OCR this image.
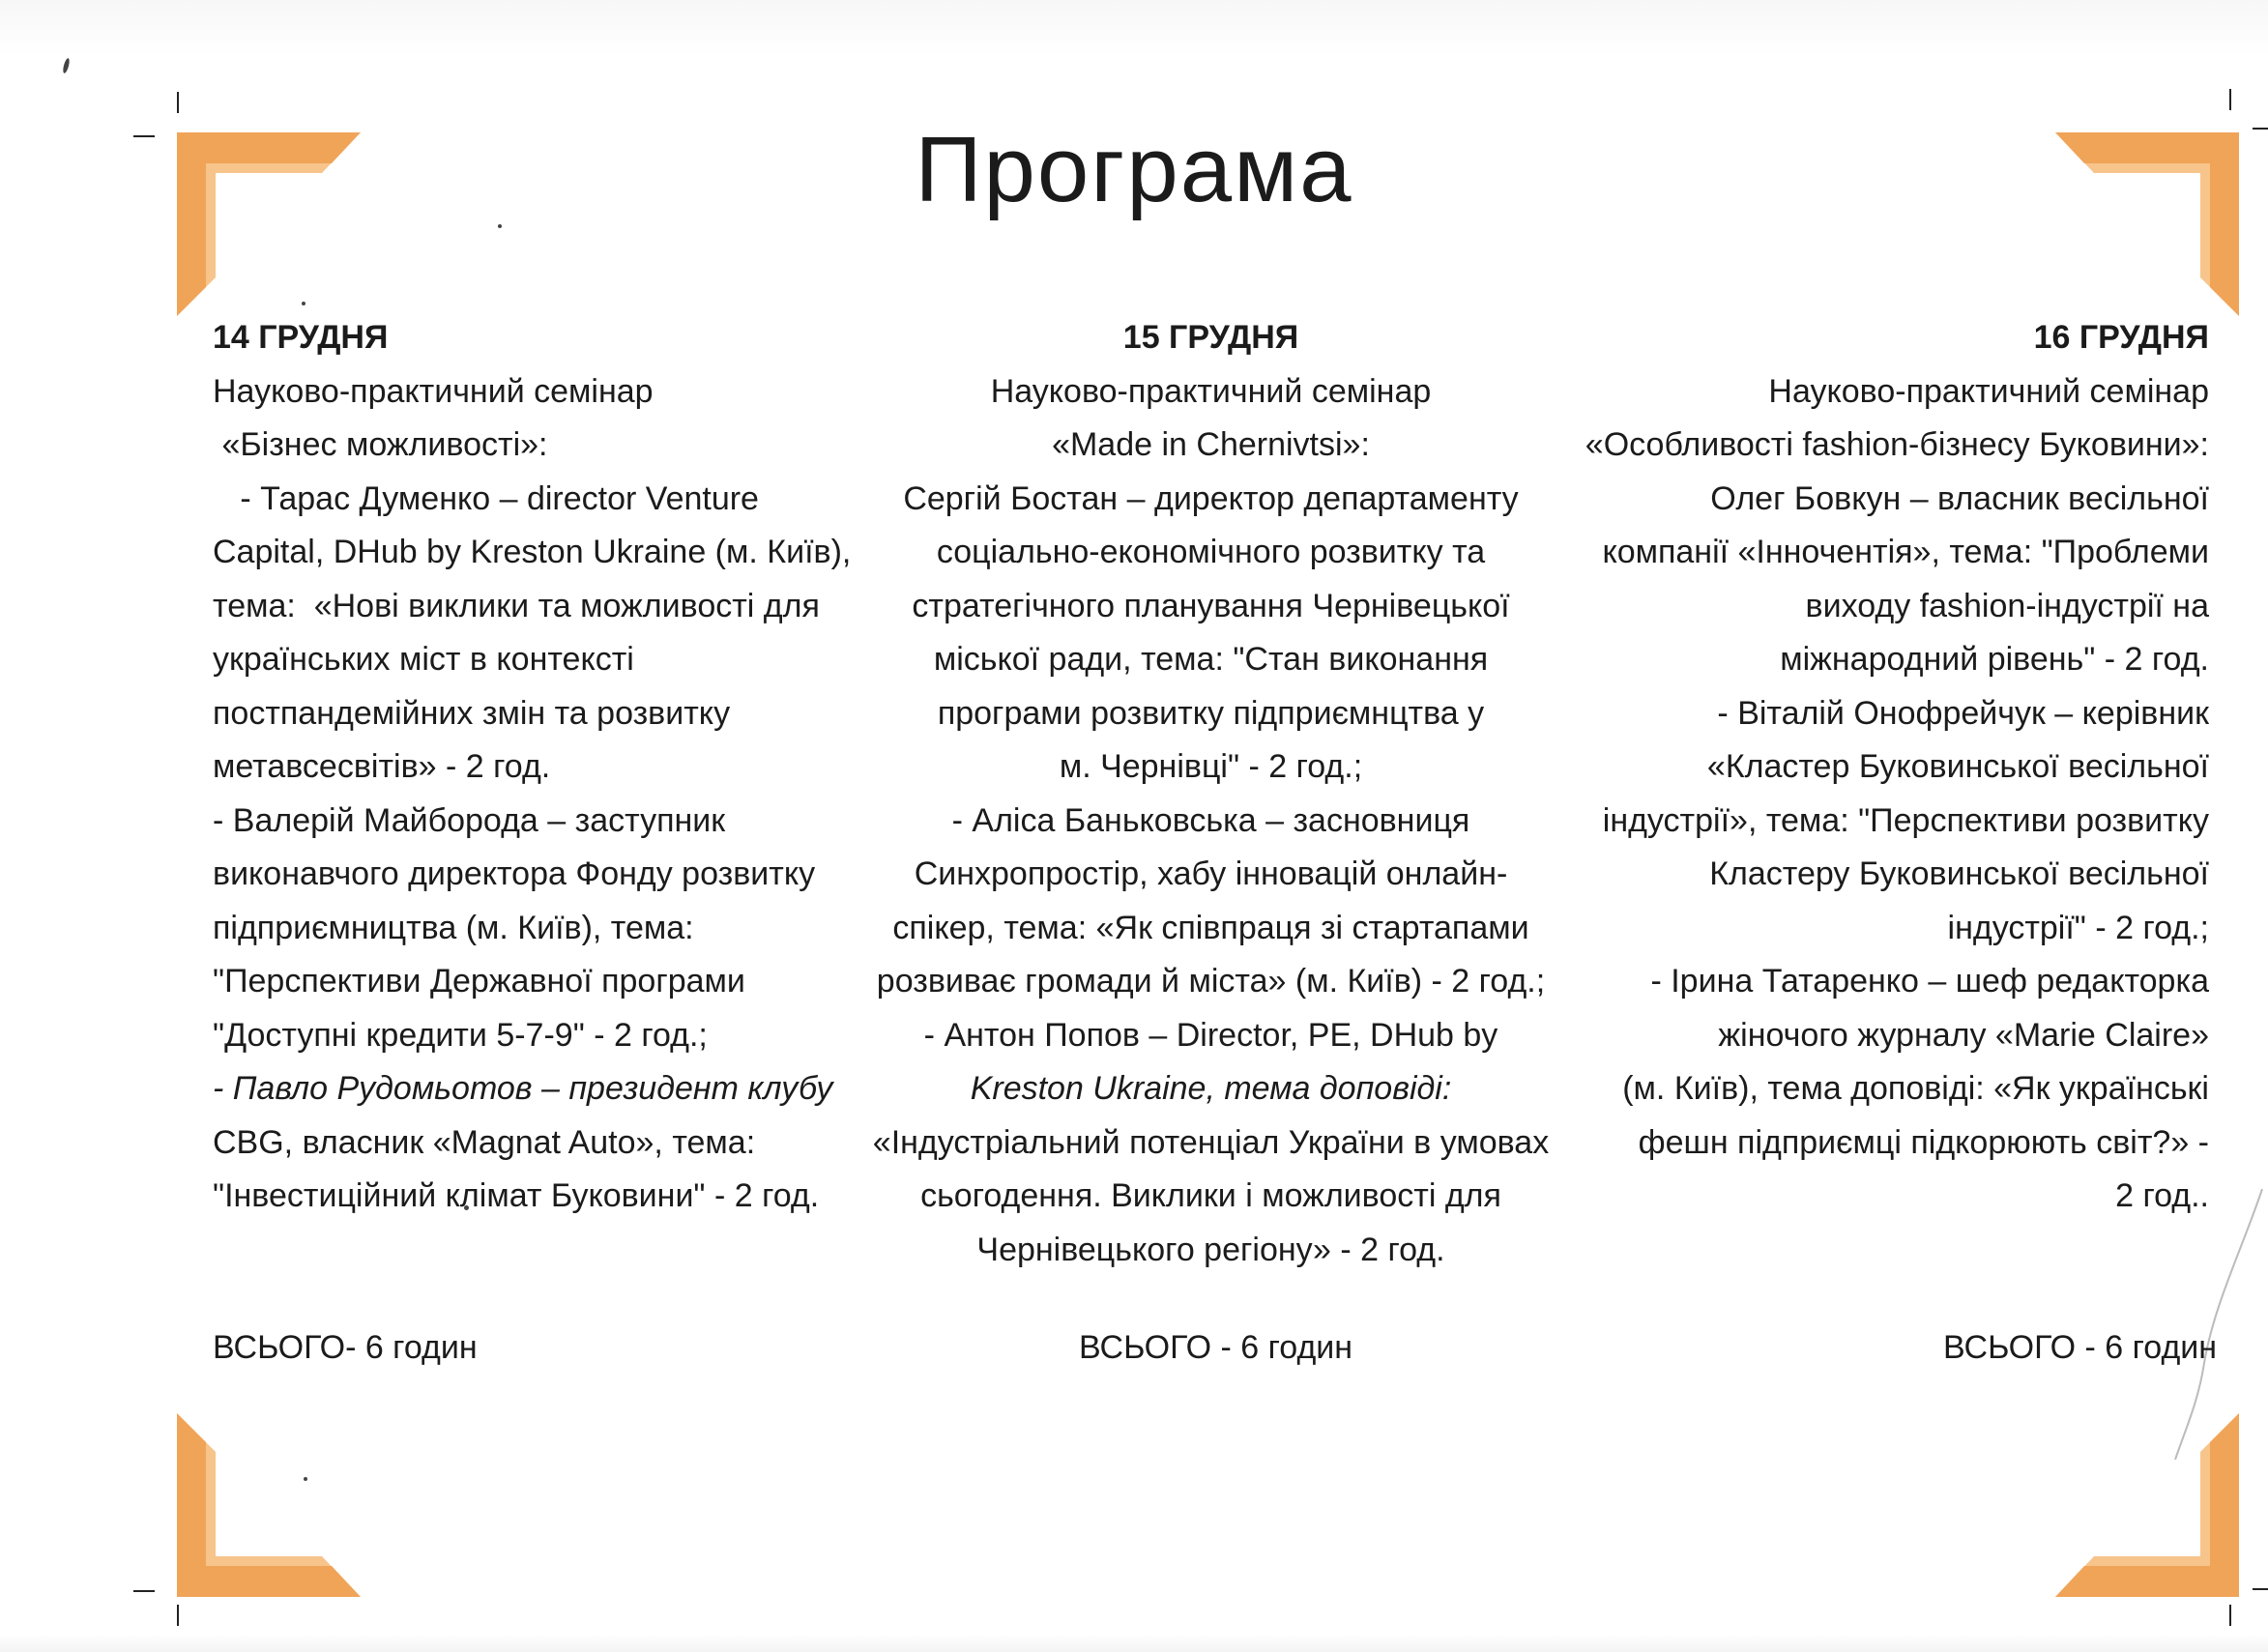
Програма
14 ГРУДНЯ
Науково-практичний семінар
«Бізнес можливості»:
- Тарас Думенко – director Venture
Capital, DHub by Kreston Ukraine (м. Київ),
тема:  «Нові виклики та можливості для
українських міст в контексті
постпандемійних змін та розвитку
метавсесвітів» - 2 год.
- Валерій Майборода – заступник
виконавчого директора Фонду розвитку
підприємництва (м. Київ), тема:
"Перспективи Державної програми
"Доступні кредити 5-7-9" - 2 год.;
- Павло Рудомьотов – президент клубу
CBG, власник «Magnat Auto», тема:
"Інвестиційний клімат Буковини" - 2 год.
15 ГРУДНЯ
Науково-практичний семінар
«Made in Chernivtsi»:
Сергій Бостан – директор департаменту
соціально-економічного розвитку та
стратегічного планування Чернівецької
міської ради, тема: "Стан виконання
програми розвитку підприємнцтва у
м. Чернівці" - 2 год.;
- Аліса Баньковська – засновниця
Синхропростір, хабу інновацій онлайн-
спікер, тема: «Як співпраця зі стартапами
розвиває громади й міста» (м. Київ) - 2 год.;
- Антон Попов – Director, PE, DHub by
Kreston Ukraine, тема доповіді:
«Індустріальний потенціал України в умовах
сьогодення. Виклики і можливості для
Чернівецького регіону» - 2 год.
16 ГРУДНЯ
Науково-практичний семінар
«Особливості fashion-бізнесу Буковини»:
Олег Бовкун – власник весільної
компанії «Інночентія», тема: "Проблеми
виходу fashion-індустрії на
міжнародний рівень" - 2 год.
- Віталій Онофрейчук – керівник
«Кластер Буковинської весільної
індустрії», тема: "Перспективи розвитку
Кластеру Буковинської весільної
індустрії" - 2 год.;
- Ірина Татаренко – шеф редакторка
жіночого журналу «Marie Claire»
(м. Київ), тема доповіді: «Як українські
фешн підприємці підкорюють світ?» -
2 год..
ВСЬОГО- 6 годин	ВСЬОГО - 6 годин	ВСЬОГО - 6 годин
